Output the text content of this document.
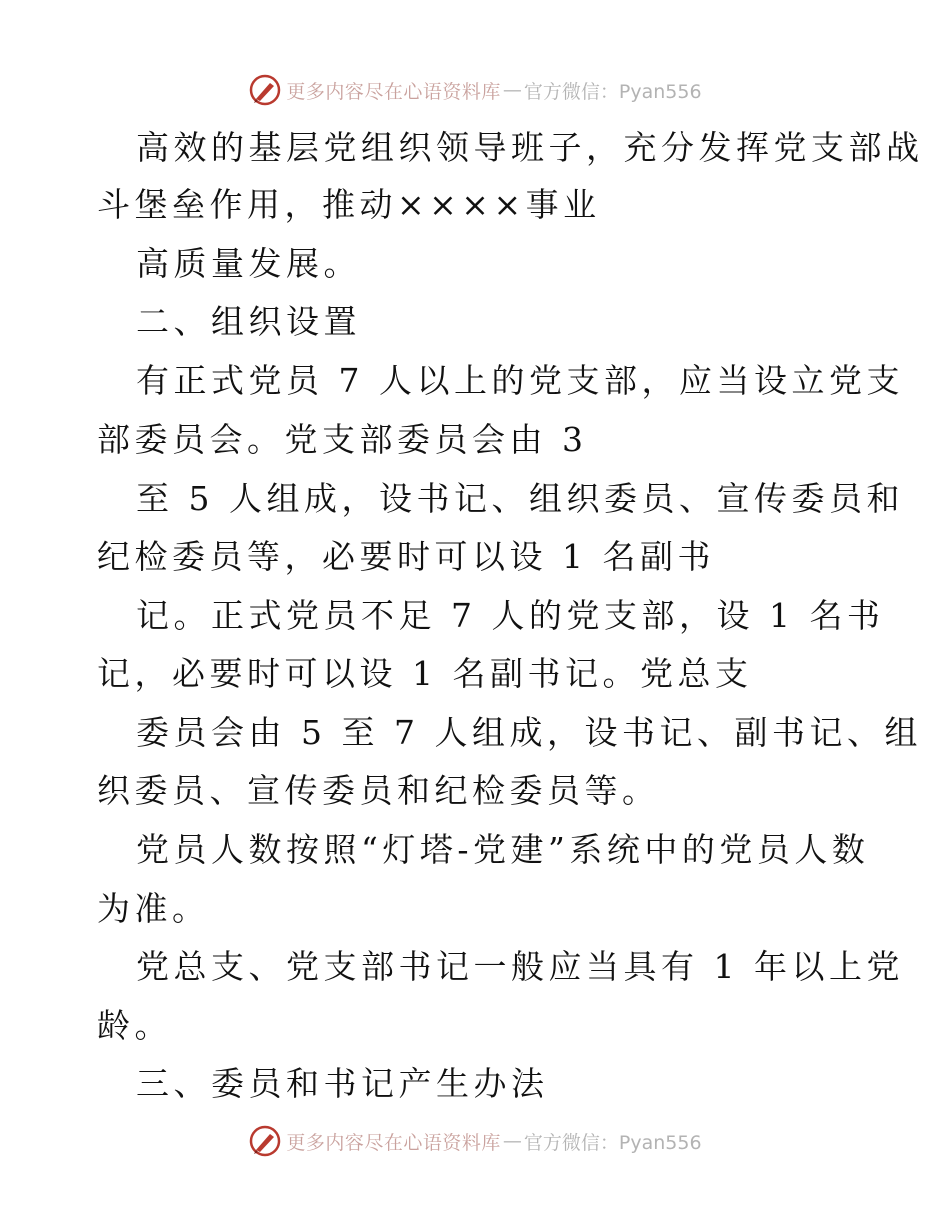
更多内容尽在心语资料库 — 官方微信：Pyan556
高效的基层党组织领导班子，充分发挥党支部战
斗堡垒作用，推动××××事业
高质量发展。
二、组织设置
有正式党员 7 人以上的党支部，应当设立党支
部委员会。党支部委员会由 3
至 5 人组成，设书记、组织委员、宣传委员和
纪检委员等，必要时可以设 1 名副书
记。正式党员不足 7 人的党支部，设 1 名书
记，必要时可以设 1 名副书记。党总支
委员会由 5 至 7 人组成，设书记、副书记、组
织委员、宣传委员和纪检委员等。
党员人数按照“灯塔-党建”系统中的党员人数
为准。
党总支、党支部书记一般应当具有 1 年以上党
龄。
三、委员和书记产生办法
更多内容尽在心语资料库 — 官方微信：Pyan556
